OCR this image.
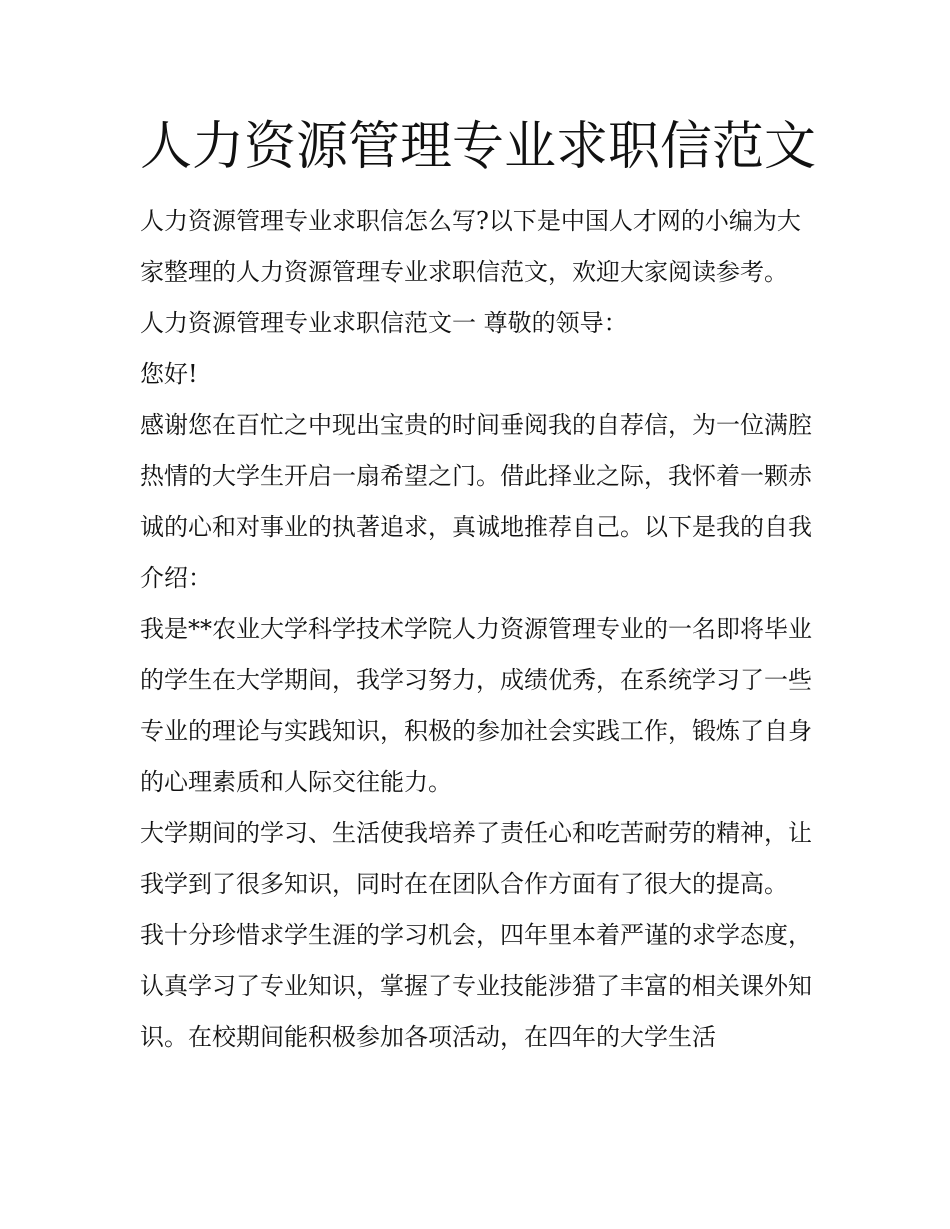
人力资源管理专业求职信范文

人力资源管理专业求职信怎么写?以下是中国人才网的小编为大家整理的人力资源管理专业求职信范文，欢迎大家阅读参考。 人力资源管理专业求职信范文一 尊敬的领导：

您好!

感谢您在百忙之中现出宝贵的时间垂阅我的自荐信，为一位满腔热情的大学生开启一扇希望之门。借此择业之际，我怀着一颗赤诚的心和对事业的执著追求，真诚地推荐自己。以下是我的自我介绍：

我是**农业大学科学技术学院人力资源管理专业的一名即将毕业的学生在大学期间，我学习努力，成绩优秀，在系统学习了一些专业的理论与实践知识，积极的参加社会实践工作，锻炼了自身的心理素质和人际交往能力。

大学期间的学习、生活使我培养了责任心和吃苦耐劳的精神，让我学到了很多知识，同时在在团队合作方面有了很大的提高。

我十分珍惜求学生涯的学习机会，四年里本着严谨的求学态度，认真学习了专业知识，掌握了专业技能涉猎了丰富的相关课外知识。在校期间能积极参加各项活动，在四年的大学生活
